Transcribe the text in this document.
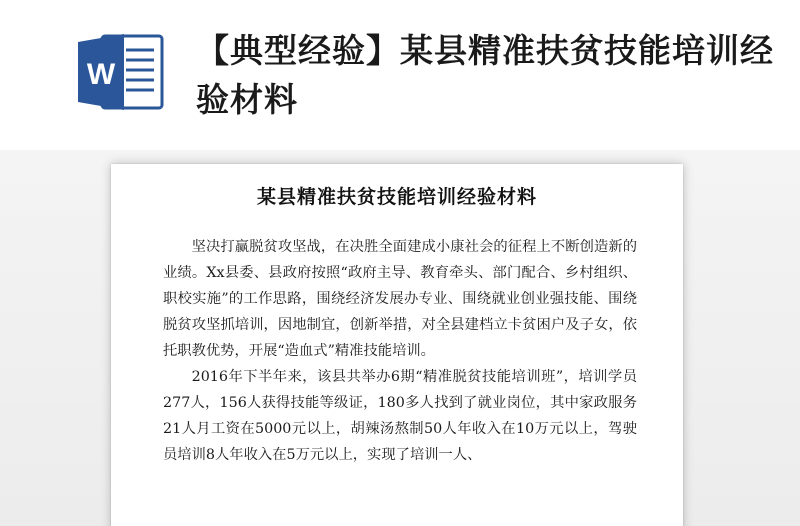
W
【典型经验】某县精准扶贫技能培训经验材料
某县精准扶贫技能培训经验材料

坚决打赢脱贫攻坚战，在决胜全面建成小康社会的征程上不断创造新的业绩。Xx县委、县政府按照“政府主导、教育牵头、部门配合、乡村组织、职校实施”的工作思路，围绕经济发展办专业、围绕就业创业强技能、围绕脱贫攻坚抓培训，因地制宜，创新举措，对全县建档立卡贫困户及子女，依托职教优势，开展“造血式”精准技能培训。

2016年下半年来，该县共举办6期“精准脱贫技能培训班”，培训学员277人，156人获得技能等级证，180多人找到了就业岗位，其中家政服务21人月工资在5000元以上，胡辣汤熬制50人年收入在10万元以上，驾驶员培训8人年收入在5万元以上，实现了培训一人、
